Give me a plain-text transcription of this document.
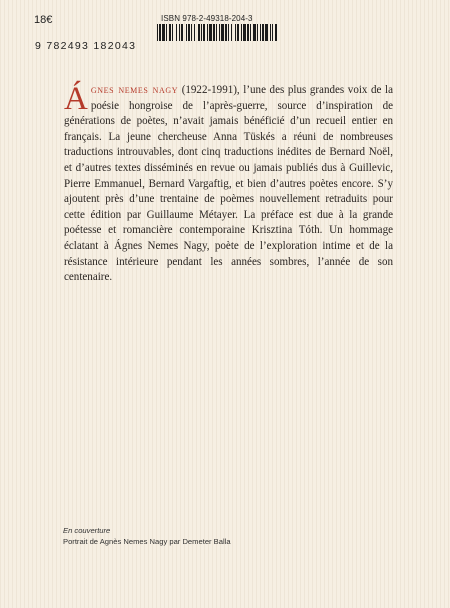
18€	ISBN 978-2-49318-204-3
9 782493 182043

Ágnes nemes nagy (1922-1991), l’une des plus grandes voix de la poésie hongroise de l’après-guerre, source d’inspiration de générations de poètes, n’avait jamais bénéficié d’un recueil entier en français. La jeune chercheuse Anna Tüskés a réuni de nombreuses traductions introuvables, dont cinq traductions inédites de Bernard Noël, et d’autres textes disséminés en revue ou jamais publiés dus à Guillevic, Pierre Emmanuel, Bernard Vargaftig, et bien d’autres poètes encore. S’y ajoutent près d’une trentaine de poèmes nouvellement retraduits pour cette édition par Guillaume Métayer. La préface est due à la grande poétesse et romancière contemporaine Krisztina Tóth. Un hommage éclatant à Ágnes Nemes Nagy, poète de l’exploration intime et de la résistance intérieure pendant les années sombres, l’année de son centenaire.

En couverture
Portrait de Agnès Nemes Nagy par Demeter Balla
